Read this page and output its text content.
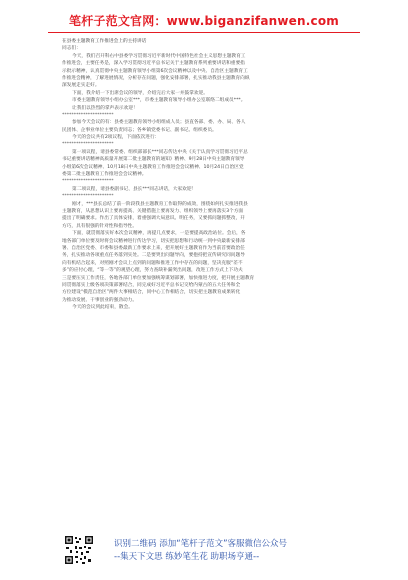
笔杆子范文官网：www.biganzifanwen.com
在县委主题教育工作推进会上的主持讲话
同志们：
今天，我们召开科右中县委学习贯彻习近平新时代中国特色社会主义思想主题教育工
作推进会，主要任务是，深入学习贯彻习近平总书记关于主题教育系列重要讲话和重要指
示批示精神，认真贯彻中央主题教育领导小组第6次会议精神以及中央、自治区主题教育工
作推进会精神，了解进展情况，分析存在问题，强化安排部署，扎实推动我县主题教育向纵
深发展走实走好。
下面，我介绍一下出席会议的领导，介绍完后大家一并鼓掌欢迎。
市委主题教育领导小组办公室***，市委主题教育领导小组办公室联络二组成员***。
让我们以热烈的掌声表示欢迎！
**********************
参加今天会议的有：县委主题教育领导小组组成人员；县直各部、委、办、局、各人
民团体、企事业单位主要负责同志；各乡镇党委书记、副书记、组织委员。
今天的会议共有2项议程，下面依次进行：
**********************
第一项议程，请县委常委、组织部部长***同志传达中央《关于认真学习贯彻习近平总
书记重要讲话精神高质量开展第二批主题教育的通知》精神、9月28日中央主题教育领导
小组第6次会议精神、10月18日中央主题教育工作推进会会议精神、10月24日自治区党
委第二批主题教育工作推进会会议精神。
**********************
第二项议程，请县委副书记、县长***同志讲话，大家欢迎！
**********************
刚才，***县长总结了前一阶段我县主题教育工作取得的成效，围绕如何扎实推进我县
主题教育，从思想认识上要再提高、关键措施上要再发力、组织领导上要再落实3个方面
提出了明确要求。作出了具体安排，着重强调大局意识。明任务，又要抓问题抓整改，开
方巧，具有很强的针对性和指导性。
下面，就贯彻落实好本次会议精神，再提几点要求，一是要提高政治站位。会后，各
地各部门单位要及时将会议精神进行传达学习，切实把思想和行动统一到中央最新安排部
署、自治区党委、市委和县委最新工作要求上来，把开展好主题教育作为当前首要政治任
务，扎实推动各项重点任务落到实处。二是要突出问题导向，要抱持把宣传研究同问题导
向有机结合起来，对照刚才会议上点到的问题和推进工作中存在的问题，坚决克服“差不
多”的应付心理，“等一等”的观望心理，努力查缺补漏突出问题，改进工作方式上下功夫
三是要压实工作责任，各地各部门单位要加强统筹谋划部署，加快推进力度，把开展主题教育
同贯彻落实上级各项决策部署结合，同完成好习近平总书记交给内蒙古的五大任务和全
方位建设“模范自治区”两件大事相结合，同中心工作相结合，切实把主题教育成果转化
为推动发展、干事创业的强劲动力。
今天的会议到此结束，散会。
识别二维码 添加“笔杆子范文”客服微信公众号
--集天下文思 练妙笔生花 助职场亨通--
